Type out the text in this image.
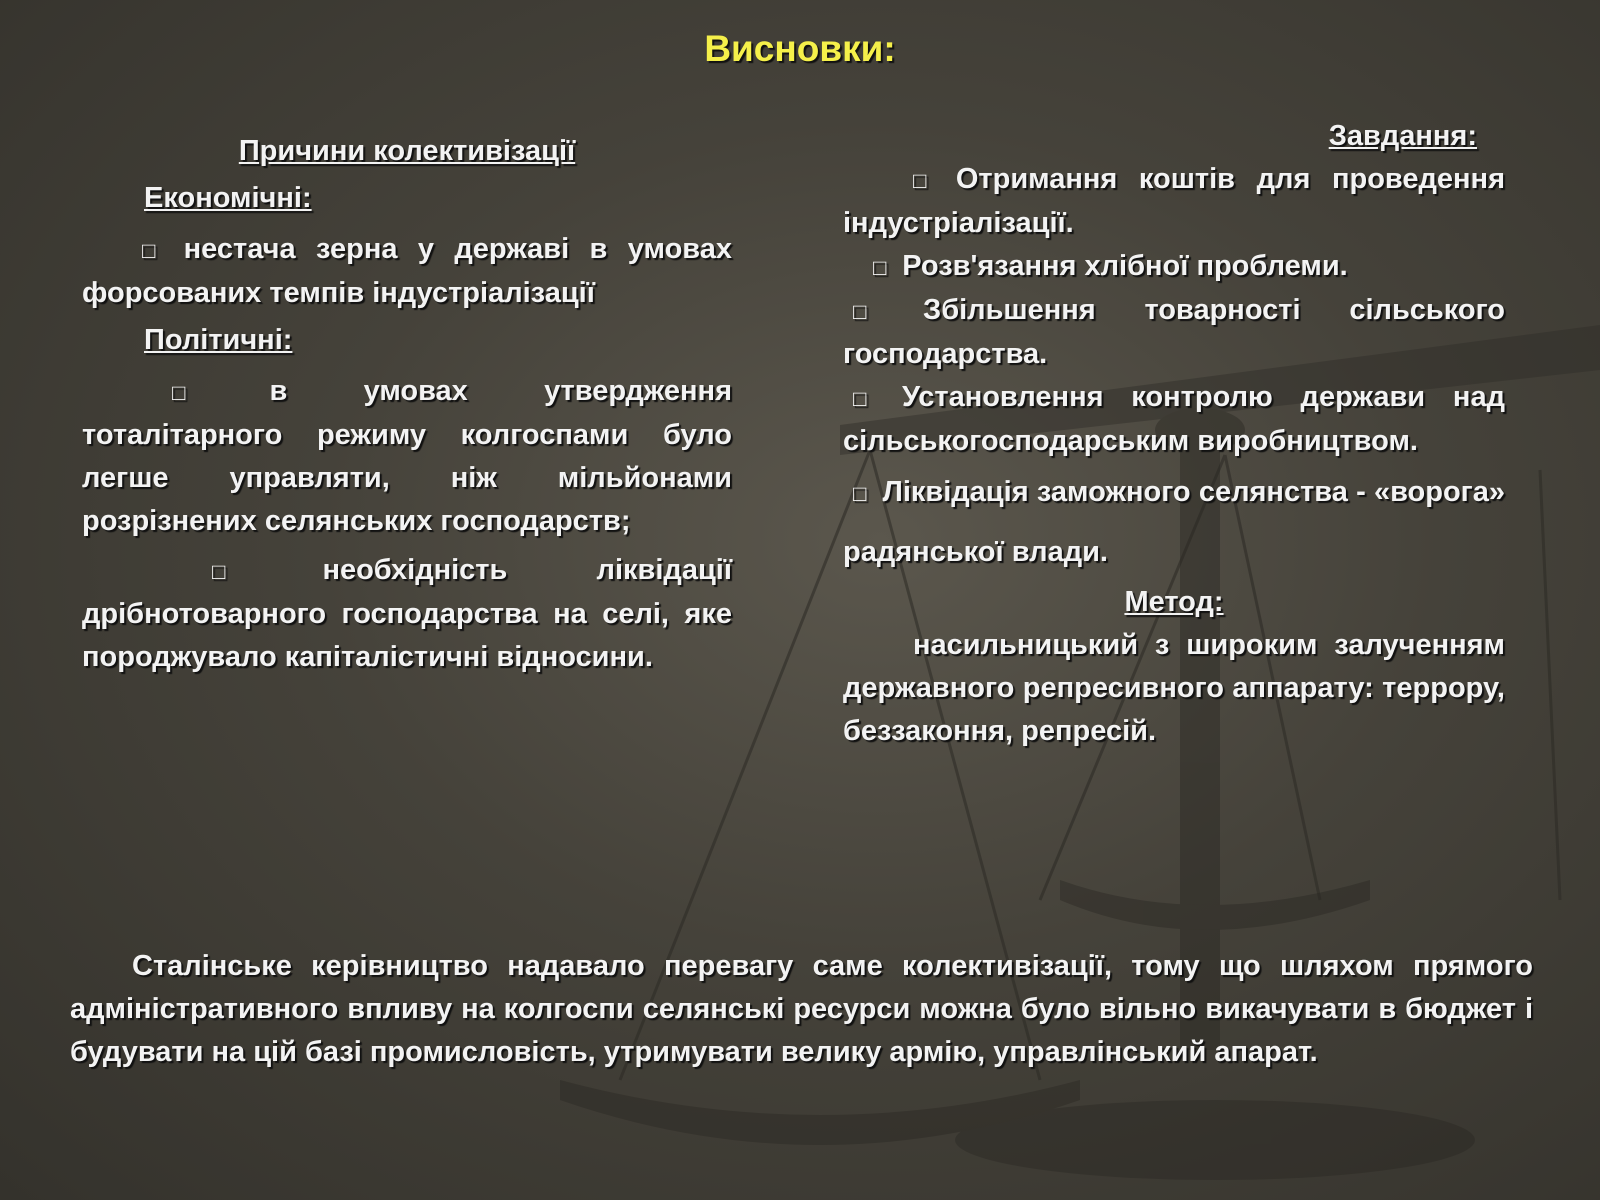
Висновки:
Причини колективізації
Економічні:

□ нестача зерна у державі в умовах форсованих темпів індустріалізації

Політичні:

□ в умовах утвердження тоталітарного режиму колгоспами було легше управляти, ніж мільйонами розрізнених селянських господарств;

□ необхідність ліквідації дрібнотоварного господарства на селі, яке породжувало капіталістичні відносини.

Завдання:

□ Отримання коштів для проведення індустріалізації.

□ Розв'язання хлібної проблеми.

□ Збільшення товарності сільського господарства.

□ Установлення контролю держави над сільськогосподарським виробництвом.

□ Ліквідація заможного селянства - «ворога» радянської влади.

Метод:

насильницький з широким залученням державного репресивного аппарату: террору, беззаконня, репресій.

Сталінське керівництво надавало перевагу саме колективізації, тому що шляхом прямого адміністративного впливу на колгоспи селянські ресурси можна було вільно викачувати в бюджет і будувати на цій базі промисловість, утримувати велику армію, управлінський апарат.
